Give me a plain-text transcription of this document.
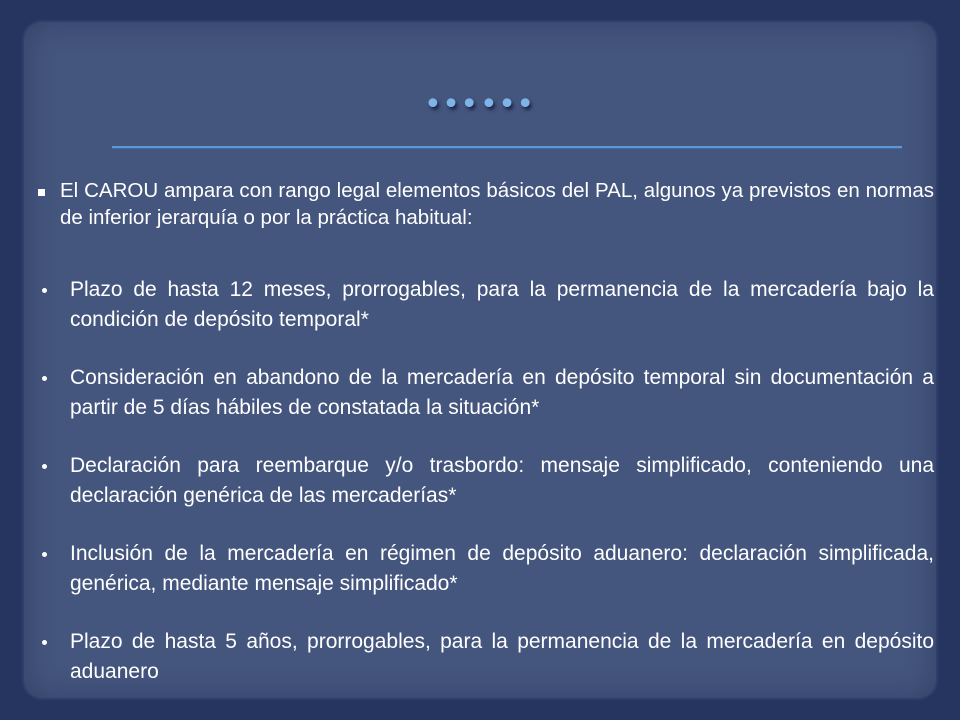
……
El CAROU ampara con rango legal elementos básicos del PAL, algunos ya previstos en normas de inferior jerarquía o por la práctica habitual:
Plazo de hasta 12 meses, prorrogables, para la permanencia de la mercadería bajo la condición de depósito temporal*
Consideración en abandono de la mercadería en depósito temporal sin documentación a partir de 5 días hábiles de constatada la situación*
Declaración para reembarque y/o trasbordo: mensaje simplificado, conteniendo una declaración genérica de las mercaderías*
Inclusión de la mercadería en régimen de depósito aduanero: declaración simplificada, genérica, mediante mensaje simplificado*
Plazo de hasta 5 años, prorrogables, para la permanencia de la mercadería en depósito aduanero
